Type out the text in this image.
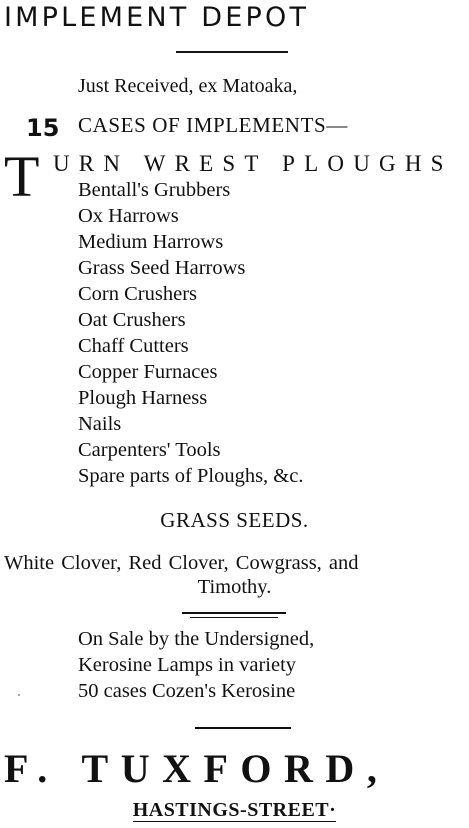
IMPLEMENT DEPOT
Just Received, ex Matoaka,
15 CASES OF IMPLEMENTS—
T URN WREST PLOUGHS
Bentall's Grubbers
Ox Harrows
Medium Harrows
Grass Seed Harrows
Corn Crushers
Oat Crushers
Chaff Cutters
Copper Furnaces
Plough Harness
Nails
Carpenters' Tools
Spare parts of Ploughs, &c.
GRASS SEEDS.
White Clover, Red Clover, Cowgrass, and
Timothy.
On Sale by the Undersigned,
Kerosine Lamps in variety
50 cases Cozen's Kerosine
F. TUXFORD,
HASTINGS-STREET·
